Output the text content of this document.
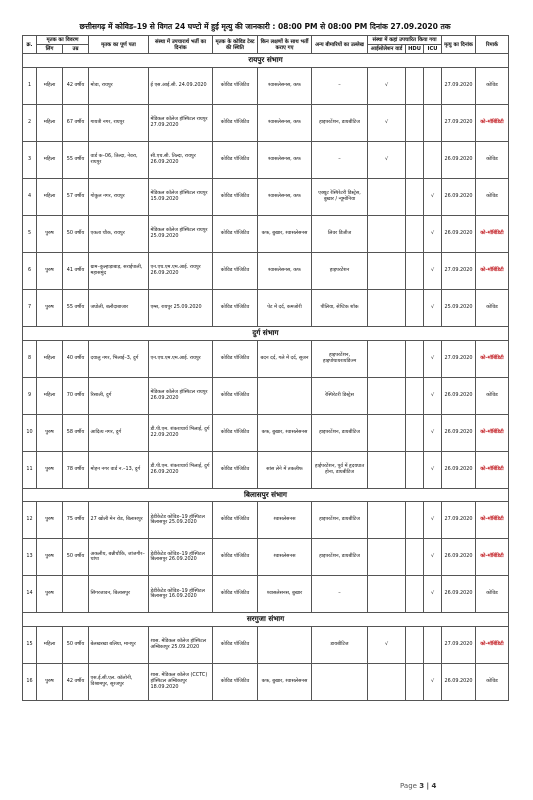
छत्तीसगढ़ में कोविड–19 से विगत 24 घण्टो में हुई मृत्यु की जानकारी : 08:00 PM से 08:00 PM दिनांक 27.09.2020 तक
क्र.	मृतक का विवरण		मृतक का पूर्ण पता	संस्था में उपचारार्थ भर्ती का दिनांक	मृतक के कोविड टेस्ट की स्थिति	किन लक्षणों के साथ भर्ती कराए गए	अन्य बीमारियों का उल्लेख	संस्था में कहां उपचारित किया गया			मृत्यु का दिनांक	रिमार्क
	लिंग	उम्र						आईसोलेशन वार्ड	HDU	ICU		
रायपुर संभाग												
1	महिला	42 वर्षीय	मोवा, रायपुर	ई एस.आई.सी. 24.09.2020	कोविड पॉजिटिव	श्वासलेसनस, कफ	–	√			27.09.2020	कोविड
2	महिला	67 वर्षीय	गायत्री नगर, रायपुर	मेडिकल कॉलेज हॉस्पिटल रायपुर 27.09.2020	कोविड पॉजिटिव	श्वासलेसनस, कफ	हाइपरटेंशन, डायबीटिज	√			27.09.2020	को–मॉर्बिडिटी
3	महिला	55 वर्षीय	वार्ड क–06, तिल्दा, नेवरा, रायपुर	सी.एच.सी. तिल्दा, रायपुर 26.09.2020	कोविड पॉजिटिव	श्वासलेसनस, कफ	–	√			26.09.2020	कोविड
4	महिला	57 वर्षीय	गोकुल नगर, रायपुर	मेडिकल कॉलेज हॉस्पिटल रायपुर 15.09.2020	कोविड पॉजिटिव	श्वासलेसनस, कफ	एक्यूट रेस्पिरेटरी डिस्ट्रेस, बुखार / न्यूमोनिया			√	26.09.2020	कोविड
5	पुरुष	50 वर्षीय	एकता चौक, रायपुर	मेडिकल कॉलेज हॉस्पिटल रायपुर 25.09.2020	कोविड पॉजिटिव	कफ, बुखार, श्वासलेसनस	लिवर डिजीज			√	26.09.2020	को–मॉर्बिडिटी
6	पुरुष	41 वर्षीय	ग्राम–कुल्हाड़ाबाड़, सराईपाली, महासमुंद	एन.एच.एम.एम.आई. रायपुर 26.09.2020	कोविड पॉजिटिव	श्वासलेसनस, कफ	हाइपरटेंशन			√	27.09.2020	को–मॉर्बिडिटी
7	पुरुष	55 वर्षीय	जघोली, बलौदाबाजार	एम्स, रायपुर 25.09.2020	कोविड पॉजिटिव	पेट में दर्द, कमजोरी	पीलिया, सेप्टिक शॉक			√	25.09.2020	कोविड
दुर्ग संभाग												
8	महिला	40 वर्षीय	दयालु नगर, भिलाई–3, दुर्ग	एन.एच.एम.एम.आई. रायपुर	कोविड पॉजिटिव	बदन दर्द, गले में दर्द, सूजन	हाइपरटेंशन, हाइपोथायरायडिज्म			√	27.09.2020	को–मॉर्बिडिटी
9	महिला	70 वर्षीय	रिसाली, दुर्ग	मेडिकल कॉलेज हॉस्पिटल रायपुर 26.09.2020	कोविड पॉजिटिव		रेस्पिरेटरी डिस्ट्रेस			√	26.09.2020	कोविड
10	पुरुष	58 वर्षीय	आदित्य नगर, दुर्ग	डी.पी.एम. शंकराचार्य भिलाई, दुर्ग 22.09.2020	कोविड पॉजिटिव	कफ, बुखार, श्वासलेसनस	हाइपरटेंशन, डायबीटिज			√	26.09.2020	को–मॉर्बिडिटी
11	पुरुष	78 वर्षीय	मोहन नगर वार्ड न.–13, दुर्ग	डी.पी.एम. शंकराचार्य भिलाई, दुर्ग 26.09.2020	कोविड पॉजिटिव	सांस लेने में तकलीफ	हाईपरटेंशन, पूर्व में हृदयघात होना, डायबीटिज			√	26.09.2020	को–मॉर्बिडिटी
बिलासपुर संभाग												
12	पुरुष	75 वर्षीय	27 खोली मेन रोड, बिलासपुर	डेडीकेटेड कोविड–19 हॉस्पिटल बिलासपुर 25.09.2020	कोविड पॉजिटिव	श्वासलेसनस	हाइपरटेंशन, डायबीटिज			√	27.09.2020	को–मॉर्बिडिटी
13	पुरुष	50 वर्षीय	अकलीय, बन्नीचौकि, जांजगीर–चांपा	डेडीकेटेड कोविड–19 हॉस्पिटल बिलासपुर 26.09.2020	कोविड पॉजिटिव	श्वासलेसनस	हाइपरटेंशन, डायबीटिज			√	26.09.2020	को–मॉर्बिडिटी
14	पुरुष		सिंगरजावन, बिलासपुर	डेडीकेटेड कोविड–19 हॉस्पिटल बिलासपुर 16.09.2020	कोविड पॉजिटिव	श्वासलेसनस, बुखार	–			√	26.09.2020	कोविड
सरगुजा संभाग												
15	महिला	50 वर्षीय	बेलखरखा बलिया, मानपुर	शास. मेडिकल कॉलेज हॉस्पिटल अम्बिकापुर 25.09.2020	कोविड पॉजिटिव		डायबीटिज	√			27.09.2020	को–मॉर्बिडिटी
16	पुरुष	42 वर्षीय	एस.ई.सी.एल. कॉलोनी, विश्रामपुर, सूरजपुर	शास. मेडिकल कॉलेज (CCTC) हॉस्पिटल अम्बिकापुर 18.09.2020	कोविड पॉजिटिव	कफ, बुखार, श्वासलेसनस				√	26.09.2020	कोविड
Page 3 | 4
